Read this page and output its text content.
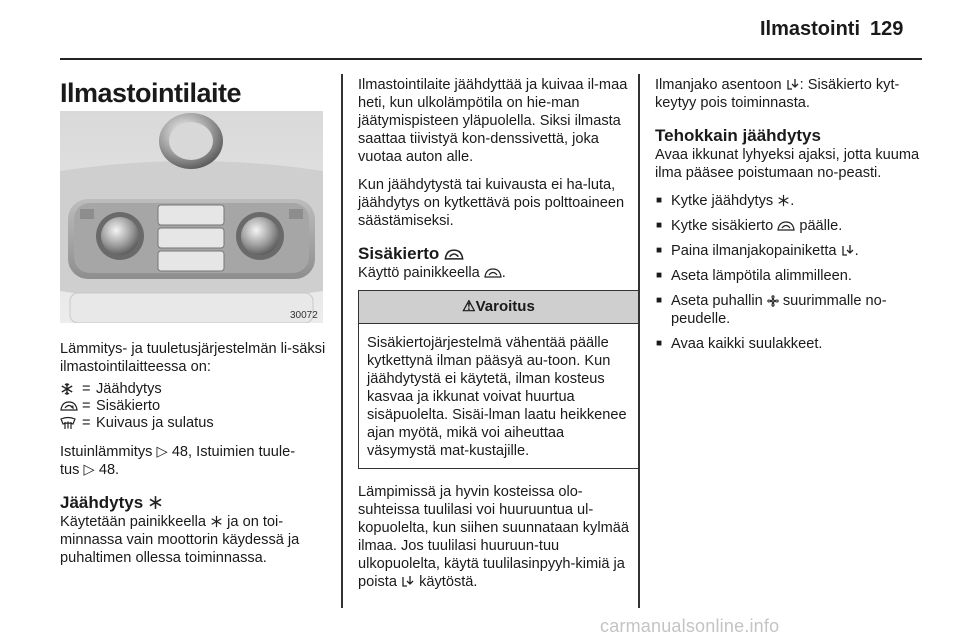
Ilmastointi 129
Ilmastointilaite
30072

Lämmitys- ja tuuletusjärjestelmän li-säksi ilmastointilaitteessa on:

= Jäähdytys
= Sisäkierto
= Kuivaus ja sulatus

Istuinlämmitys ▷ 48, Istuimien tuule-
tus ▷ 48.

Jäähdytys

Käytetään painikkeella ja on toi-minnassa vain moottorin käydessä ja puhaltimen ollessa toiminnassa.

Ilmastointilaite jäähdyttää ja kuivaa il-maa heti, kun ulkolämpötila on hie-man jäätymispisteen yläpuolella. Siksi ilmasta saattaa tiivistyä kon-denssivettä, joka vuotaa auton alle.

Kun jäähdytystä tai kuivausta ei ha-luta, jäähdytys on kytkettävä pois polttoaineen säästämiseksi.

Sisäkierto

Käyttö painikkeella .

⚠Varoitus
Sisäkiertojärjestelmä vähentää päälle kytkettynä ilman pääsyä au-toon. Kun jäähdytystä ei käytetä, ilman kosteus kasvaa ja ikkunat voivat huurtua sisäpuolelta. Sisäi-lman laatu heikkenee ajan myötä, mikä voi aiheuttaa väsymystä mat-kustajille.

Lämpimissä ja hyvin kosteissa olo-suhteissa tuulilasi voi huuruuntua ul-kopuolelta, kun siihen suunnataan kylmää ilmaa. Jos tuulilasi huuruun-tuu ulkopuolelta, käytä tuulilasinpyyh-kimiä ja poista käytöstä.

Ilmanjako asentoon : Sisäkierto kyt-keytyy pois toiminnasta.

Tehokkain jäähdytys

Avaa ikkunat lyhyeksi ajaksi, jotta kuuma ilma pääsee poistumaan no-peasti.

■ Kytke jäähdytys .
■ Kytke sisäkierto päälle.
■ Paina ilmanjakopainiketta .
■ Aseta lämpötila alimmilleen.
■ Aseta puhallin suurimmalle no-peudelle.
■ Avaa kaikki suulakkeet.
carmanualsonline.info
